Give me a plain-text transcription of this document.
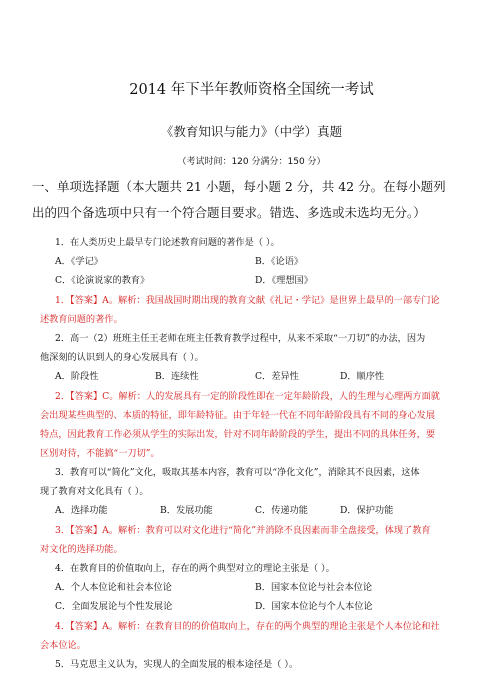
2014 年下半年教师资格全国统一考试
《教育知识与能力》（中学）真题
（考试时间：120 分满分：150 分）
一、单项选择题（本大题共 21 小题，每小题 2 分，共 42 分。在每小题列
出的四个备选项中只有一个符合题目要求。错选、多选或未选均无分。）
1．在人类历史上最早专门论述教育问题的著作是（ ）。
A．《学记》	B．《论语》
C．《论演说家的教育》	D．《理想国》
1．【答案】A。解析：我国战国时期出现的教育文献《礼记・学记》是世界上最早的一部专门论
述教育问题的著作。
2．高一（2）班班主任王老师在班主任教育教学过程中，从来不采取“一刀切”的办法，因为
他深刻的认识到人的身心发展具有（ ）。
A．阶段性	B．连续性	C．差异性	D．顺序性
2．【答案】C。解析：人的发展具有一定的阶段性即在一定年龄阶段，人的生理与心理两方面就
会出现某些典型的、本质的特征，即年龄特征。由于年轻一代在不同年龄阶段具有不同的身心发展
特点，因此教育工作必须从学生的实际出发，针对不同年龄阶段的学生，提出不同的具体任务，要
区别对待，不能搞“一刀切”。
3．教育可以“简化”文化，吸取其基本内容，教育可以“净化文化”，消除其不良因素，这体
现了教育对文化具有（ ）。
A．选择功能	B．发展功能	C．传递功能	D．保护功能
3．【答案】A。解析：教育可以对文化进行“简化”并消除不良因素而非全盘接受，体现了教育
对文化的选择功能。
4．在教育目的价值取向上，存在的两个典型对立的理论主张是（ ）。
A．个人本位论和社会本位论	B．国家本位论与社会本位论
C．全面发展论与个性发展论	D．国家本位论与个人本位论
4．【答案】A。解析：在教育目的的价值取向上，存在的两个典型的理论主张是个人本位论和社
会本位论。
5．马克思主义认为，实现人的全面发展的根本途径是（ ）。
